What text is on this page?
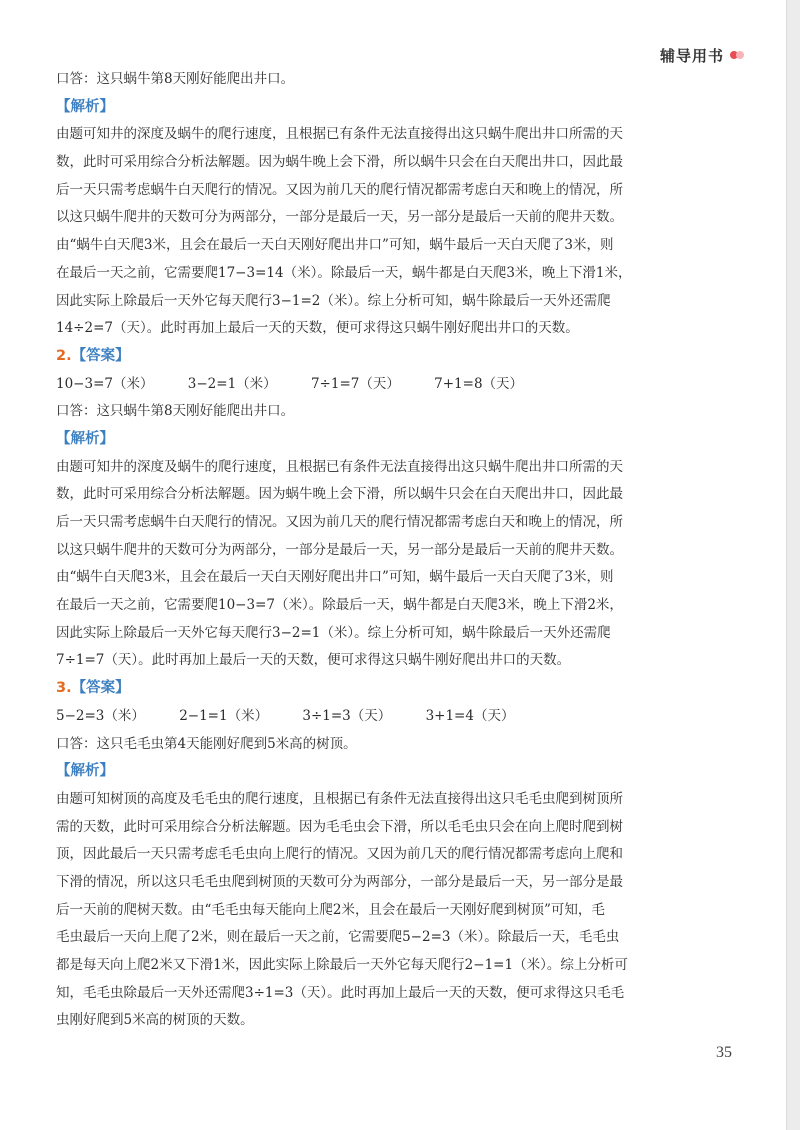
辅导用书
口答：这只蜗牛第8天刚好能爬出井口。
【解析】
由题可知井的深度及蜗牛的爬行速度，且根据已有条件无法直接得出这只蜗牛爬出井口所需的天
数，此时可采用综合分析法解题。因为蜗牛晚上会下滑，所以蜗牛只会在白天爬出井口，因此最
后一天只需考虑蜗牛白天爬行的情况。又因为前几天的爬行情况都需考虑白天和晚上的情况，所
以这只蜗牛爬井的天数可分为两部分，一部分是最后一天，另一部分是最后一天前的爬井天数。
由“蜗牛白天爬3米，且会在最后一天白天刚好爬出井口”可知，蜗牛最后一天白天爬了3米，则
在最后一天之前，它需要爬17−3=14（米）。除最后一天，蜗牛都是白天爬3米，晚上下滑1米，
因此实际上除最后一天外它每天爬行3−1=2（米）。综上分析可知，蜗牛除最后一天外还需爬
14÷2=7（天）。此时再加上最后一天的天数，便可求得这只蜗牛刚好爬出井口的天数。
2.【答案】
10−3=7（米）	3−2=1（米）	7÷1=7（天）	7+1=8（天）
口答：这只蜗牛第8天刚好能爬出井口。
【解析】
由题可知井的深度及蜗牛的爬行速度，且根据已有条件无法直接得出这只蜗牛爬出井口所需的天
数，此时可采用综合分析法解题。因为蜗牛晚上会下滑，所以蜗牛只会在白天爬出井口，因此最
后一天只需考虑蜗牛白天爬行的情况。又因为前几天的爬行情况都需考虑白天和晚上的情况，所
以这只蜗牛爬井的天数可分为两部分，一部分是最后一天，另一部分是最后一天前的爬井天数。
由“蜗牛白天爬3米，且会在最后一天白天刚好爬出井口”可知，蜗牛最后一天白天爬了3米，则
在最后一天之前，它需要爬10−3=7（米）。除最后一天，蜗牛都是白天爬3米，晚上下滑2米，
因此实际上除最后一天外它每天爬行3−2=1（米）。综上分析可知，蜗牛除最后一天外还需爬
7÷1=7（天）。此时再加上最后一天的天数，便可求得这只蜗牛刚好爬出井口的天数。
3.【答案】
5−2=3（米）	2−1=1（米）	3÷1=3（天）	3+1=4（天）
口答：这只毛毛虫第4天能刚好爬到5米高的树顶。
【解析】
由题可知树顶的高度及毛毛虫的爬行速度，且根据已有条件无法直接得出这只毛毛虫爬到树顶所
需的天数，此时可采用综合分析法解题。因为毛毛虫会下滑，所以毛毛虫只会在向上爬时爬到树
顶，因此最后一天只需考虑毛毛虫向上爬行的情况。又因为前几天的爬行情况都需考虑向上爬和
下滑的情况，所以这只毛毛虫爬到树顶的天数可分为两部分，一部分是最后一天，另一部分是最
后一天前的爬树天数。由“毛毛虫每天能向上爬2米，且会在最后一天刚好爬到树顶”可知，毛
毛虫最后一天向上爬了2米，则在最后一天之前，它需要爬5−2=3（米）。除最后一天，毛毛虫
都是每天向上爬2米又下滑1米，因此实际上除最后一天外它每天爬行2−1=1（米）。综上分析可
知，毛毛虫除最后一天外还需爬3÷1=3（天）。此时再加上最后一天的天数，便可求得这只毛毛
虫刚好爬到5米高的树顶的天数。
35
